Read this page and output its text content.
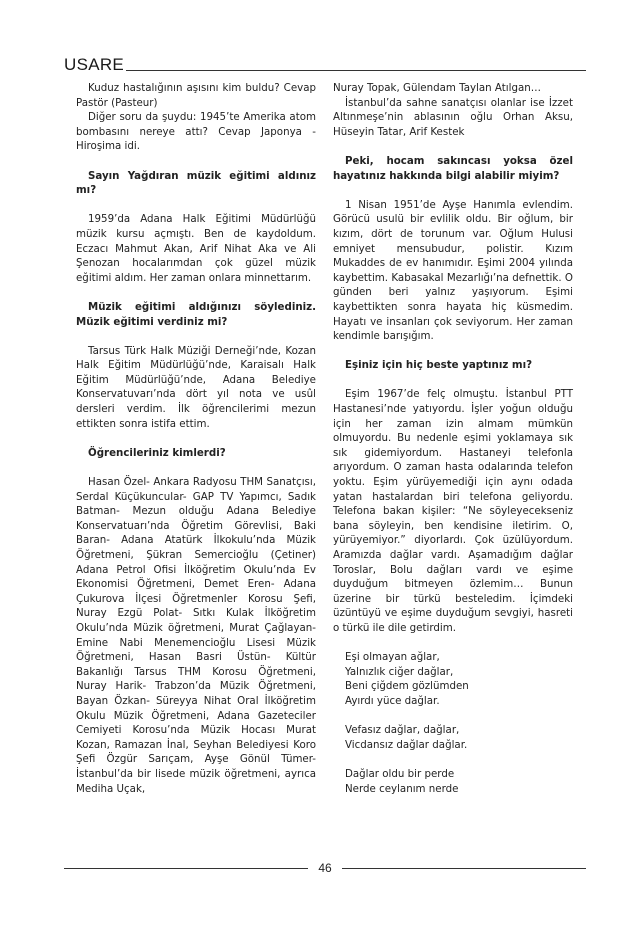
USARE

Kuduz hastalığının aşısını kim buldu? Cevap Pastör (Pasteur)

Diğer soru da şuydu: 1945’te Amerika atom bombasını nereye attı? Cevap Japonya - Hiroşima idi.

Sayın Yağdıran müzik eğitimi aldınız mı?

1959’da Adana Halk Eğitimi Müdürlüğü müzik kursu açmıştı. Ben de kaydoldum. Eczacı Mahmut Akan, Arif Nihat Aka ve Ali Şenozan hocalarımdan çok güzel müzik eğitimi aldım. Her zaman onlara minnettarım.

Müzik eğitimi aldığınızı söylediniz. Müzik eğitimi verdiniz mi?

Tarsus Türk Halk Müziği Derneği’nde, Kozan Halk Eğitim Müdürlüğü’nde, Karaisalı Halk Eğitim Müdürlüğü’nde, Adana Belediye Konservatuvarı’nda dört yıl nota ve usûl dersleri verdim. İlk öğrencilerimi mezun ettikten sonra istifa ettim.

Öğrencileriniz kimlerdi?

Hasan Özel- Ankara Radyosu THM Sanatçısı, Serdal Küçükuncular- GAP TV Yapımcı, Sadık Batman- Mezun olduğu Adana Belediye Konservatuarı’nda Öğretim Görevlisi, Baki Baran- Adana Atatürk İlkokulu’nda Müzik Öğretmeni, Şükran Semercioğlu (Çetiner) Adana Petrol Ofisi İlköğretim Okulu’nda Ev Ekonomisi Öğretmeni, Demet Eren- Adana Çukurova İlçesi Öğretmenler Korosu Şefi, Nuray Ezgü Polat- Sıtkı Kulak İlköğretim Okulu’nda Müzik öğretmeni, Murat Çağlayan- Emine Nabi Menemencioğlu Lisesi Müzik Öğretmeni, Hasan Basri Üstün- Kültür Bakanlığı Tarsus THM Korosu Öğretmeni, Nuray Harik- Trabzon’da Müzik Öğretmeni, Bayan Özkan- Süreyya Nihat Oral İlköğretim Okulu Müzik Öğretmeni, Adana Gazeteciler Cemiyeti Korosu’nda Müzik Hocası Murat Kozan, Ramazan İnal, Seyhan Belediyesi Koro Şefi Özgür Sarıçam, Ayşe Gönül Tümer- İstanbul’da bir lisede müzik öğretmeni, ayrıca Mediha Uçak,

Nuray Topak, Gülendam Taylan Atılgan…

İstanbul’da sahne sanatçısı olanlar ise İzzet Altınmeşe’nin ablasının oğlu Orhan Aksu, Hüseyin Tatar, Arif Kestek

Peki, hocam sakıncası yoksa özel hayatınız hakkında bilgi alabilir miyim?

1 Nisan 1951’de Ayşe Hanımla evlendim. Görücü usulü bir evlilik oldu. Bir oğlum, bir kızım, dört de torunum var. Oğlum Hulusi emniyet mensubudur, polistir. Kızım Mukaddes de ev hanımıdır. Eşimi 2004 yılında kaybettim. Kabasakal Mezarlığı’na defnettik. O günden beri yalnız yaşıyorum. Eşimi kaybettikten sonra hayata hiç küsmedim. Hayatı ve insanları çok seviyorum. Her zaman kendimle barışığım.

Eşiniz için hiç beste yaptınız mı?

Eşim 1967’de felç olmuştu. İstanbul PTT Hastanesi’nde yatıyordu. İşler yoğun olduğu için her zaman izin almam mümkün olmuyordu. Bu nedenle eşimi yoklamaya sık sık gidemiyordum. Hastaneyi telefonla arıyordum. O zaman hasta odalarında telefon yoktu. Eşim yürüyemediği için aynı odada yatan hastalardan biri telefona geliyordu. Telefona bakan kişiler: “Ne söyleyecekseniz bana söyleyin, ben kendisine iletirim. O, yürüyemiyor.” diyorlardı. Çok üzülüyordum. Aramızda dağlar vardı. Aşamadığım dağlar Toroslar, Bolu dağları vardı ve eşime duyduğum bitmeyen özlemim… Bunun üzerine bir türkü besteledim. İçimdeki üzüntüyü ve eşime duyduğum sevgiyi, hasreti o türkü ile dile getirdim.

Eşi olmayan ağlar,
Yalnızlık ciğer dağlar,
Beni çiğdem gözlümden
Ayırdı yüce dağlar.
Vefasız dağlar, dağlar,
Vicdansız dağlar dağlar.
Dağlar oldu bir perde
Nerde ceylanım nerde
46
